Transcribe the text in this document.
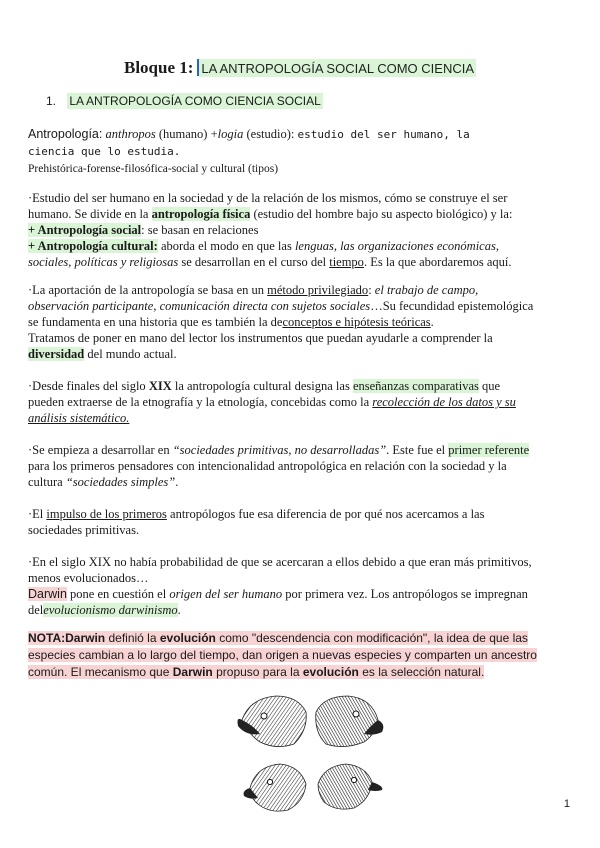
Bloque 1: LA ANTROPOLOGÍA SOCIAL COMO CIENCIA
1. LA ANTROPOLOGÍA COMO CIENCIA SOCIAL
Antropología: anthropos (humano) +logia (estudio): estudio del ser humano, la
ciencia que lo estudia.
Prehistórica-forense-filosófica-social y cultural (tipos)
·Estudio del ser humano en la sociedad y de la relación de los mismos, cómo se construye el ser
humano. Se divide en la antropología física (estudio del hombre bajo su aspecto biológico) y la:
+ Antropología social: se basan en relaciones
+ Antropología cultural: aborda el modo en que las lenguas, las organizaciones económicas,
sociales, políticas y religiosas se desarrollan en el curso del tiempo. Es la que abordaremos aquí.
·La aportación de la antropología se basa en un método privilegiado: el trabajo de campo,
observación participante, comunicación directa con sujetos sociales…Su fecundidad epistemológica
se fundamenta en una historia que es también la deconceptos e hipótesis teóricas.
Tratamos de poner en mano del lector los instrumentos que puedan ayudarle a comprender la
diversidad del mundo actual.
·Desde finales del siglo XIX la antropología cultural designa las enseñanzas comparativas que
pueden extraerse de la etnografía y la etnología, concebidas como la recolección de los datos y su
análisis sistemático.
·Se empieza a desarrollar en “sociedades primitivas, no desarrolladas”. Este fue el primer referente
para los primeros pensadores con intencionalidad antropológica en relación con la sociedad y la
cultura “sociedades simples”.
·El impulso de los primeros antropólogos fue esa diferencia de por qué nos acercamos a las
sociedades primitivas.
·En el siglo XIX no había probabilidad de que se acercaran a ellos debido a que eran más primitivos,
menos evolucionados…
Darwin pone en cuestión el origen del ser humano por primera vez. Los antropólogos se impregnan
delevolucionismo darwinismo.
NOTA:Darwin definió la evolución como "descendencia con modificación", la idea de que las
especies cambian a lo largo del tiempo, dan origen a nuevas especies y comparten un ancestro
común. El mecanismo que Darwin propuso para la evolución es la selección natural.
1
